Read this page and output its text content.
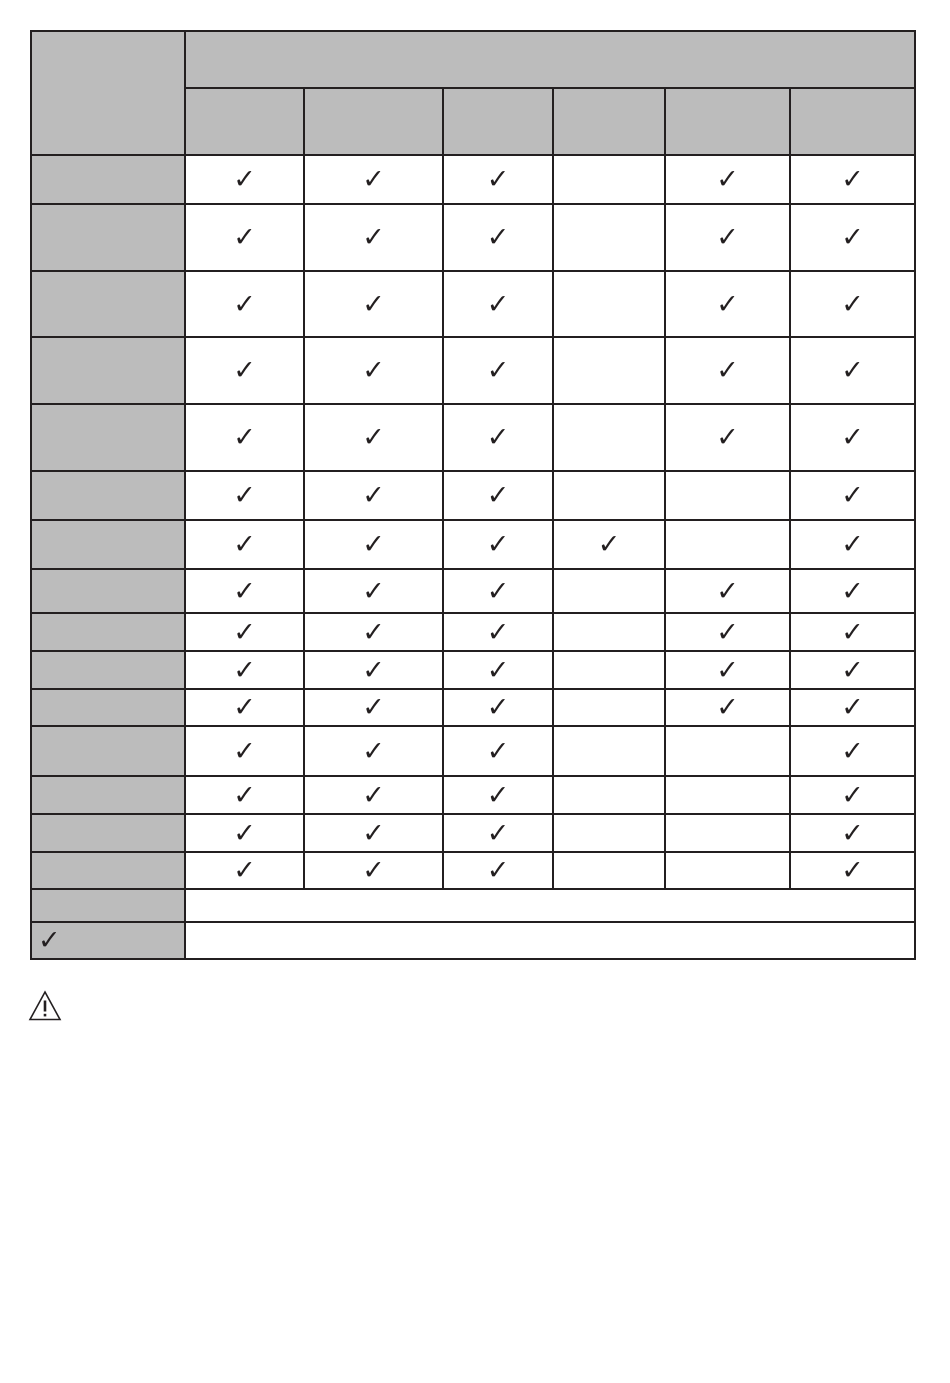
	✓	✓	✓		✓	✓
	✓	✓	✓		✓	✓
	✓	✓	✓		✓	✓
	✓	✓	✓		✓	✓
	✓	✓	✓		✓	✓
	✓	✓	✓			✓
	✓	✓	✓	✓		✓
	✓	✓	✓		✓	✓
	✓	✓	✓		✓	✓
	✓	✓	✓		✓	✓
	✓	✓	✓		✓	✓
	✓	✓	✓			✓
	✓	✓	✓			✓
	✓	✓	✓			✓
	✓	✓	✓			✓

✓						
